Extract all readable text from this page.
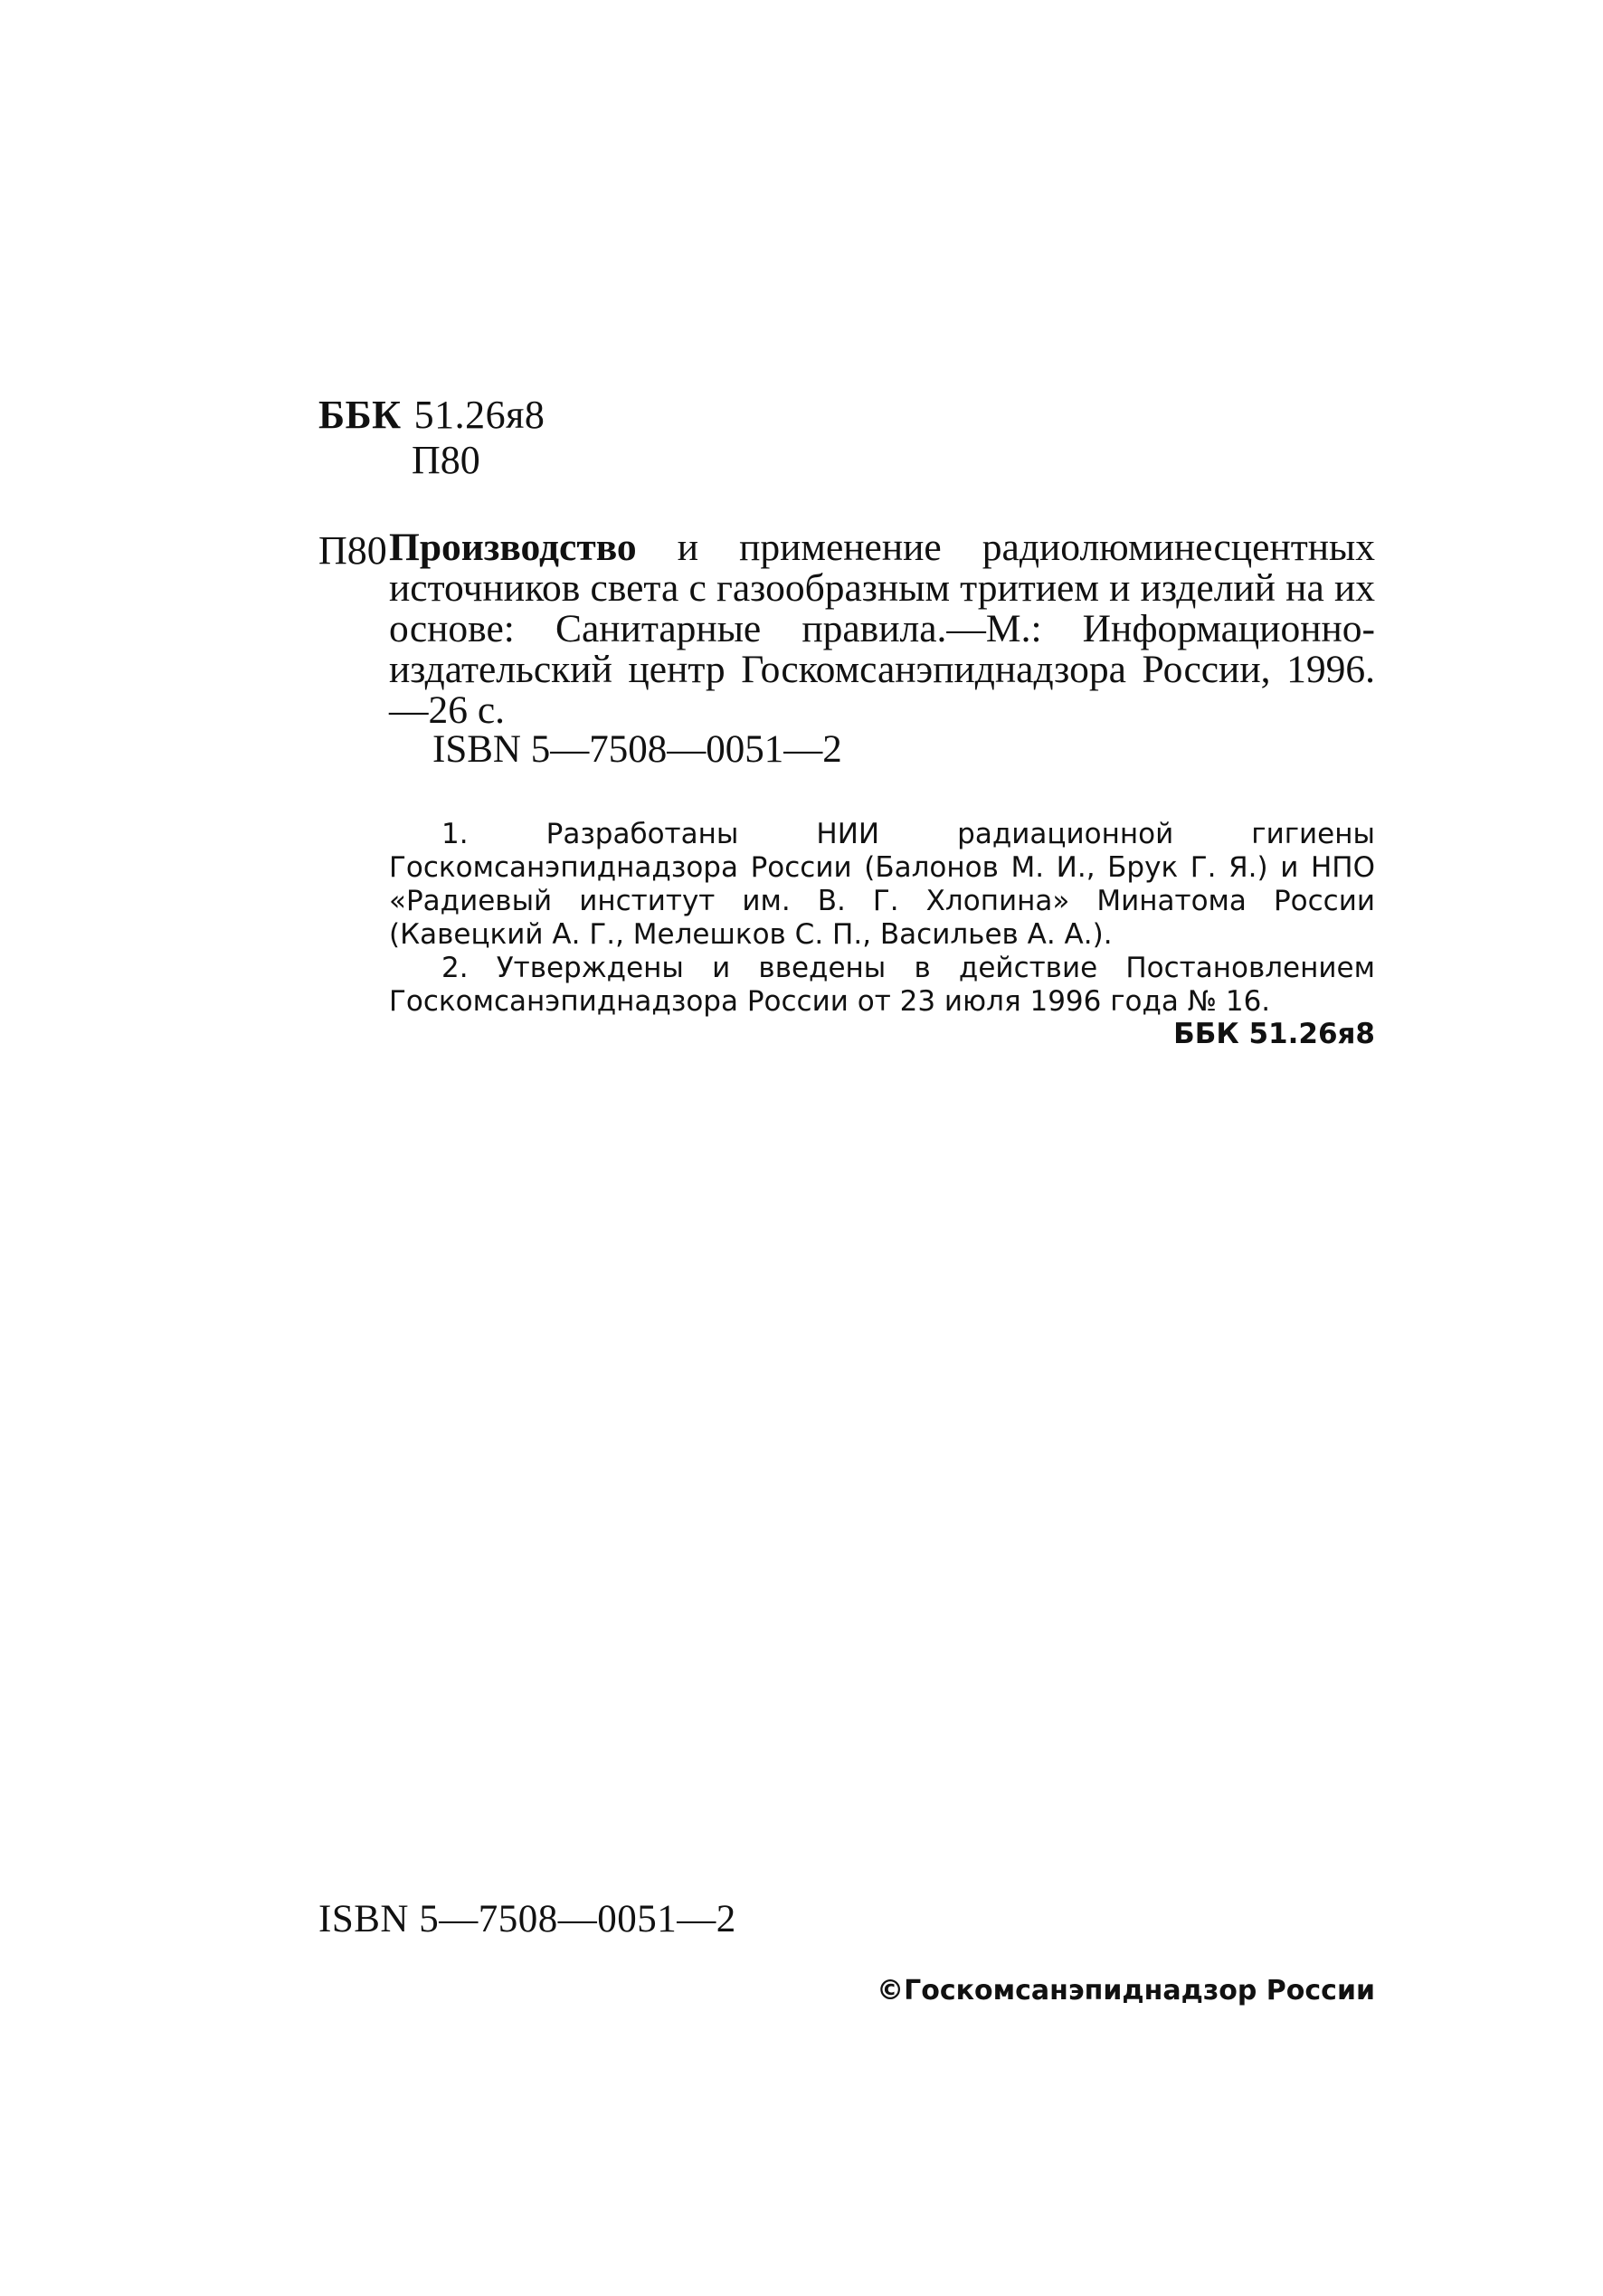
ББК 51.26я8
П80
П80 Производство и применение радиолюминесцентных источников света с газообразным тритием и изделий на их основе: Санитарные правила.—М.: Информационно-издательский центр Госкомсанэпиднадзора России, 1996.—26 с.
ISBN 5—7508—0051—2

1. Разработаны НИИ радиационной гигиены Госкомсанэпиднадзора России (Балонов М. И., Брук Г. Я.) и НПО «Радиевый институт им. В. Г. Хлопина» Минатома России (Кавецкий А. Г., Мелешков С. П., Васильев А. А.).

2. Утверждены и введены в действие Постановлением Госкомсанэпиднадзора России от 23 июля 1996 года № 16.

ББК 51.26я8
ISBN 5—7508—0051—2
©Госкомсанэпиднадзор России
